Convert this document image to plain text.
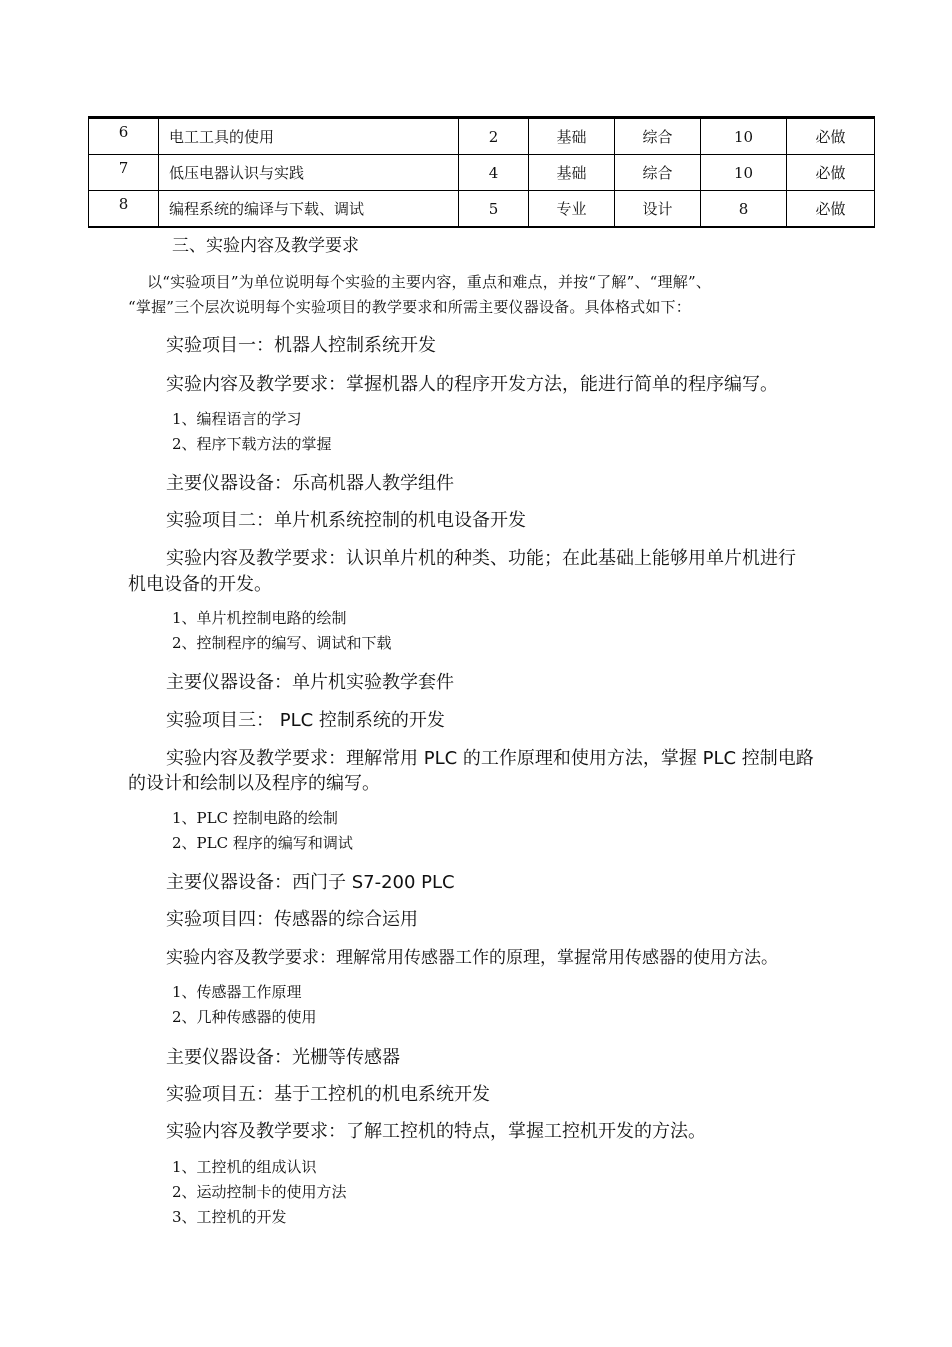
6	电工工具的使用	2	基础	综合	10	必做
7	低压电器认识与实践	4	基础	综合	10	必做
8	编程系统的编译与下载、调试	5	专业	设计	8	必做
三、实验内容及教学要求
以“实验项目”为单位说明每个实验的主要内容，重点和难点，并按“了解”、“理解”、
“掌握”三个层次说明每个实验项目的教学要求和所需主要仪器设备。具体格式如下：
实验项目一：机器人控制系统开发
实验内容及教学要求：掌握机器人的程序开发方法，能进行简单的程序编写。
1、编程语言的学习
2、程序下载方法的掌握
主要仪器设备：乐高机器人教学组件
实验项目二：单片机系统控制的机电设备开发
实验内容及教学要求：认识单片机的种类、功能；在此基础上能够用单片机进行
机电设备的开发。
1、单片机控制电路的绘制
2、控制程序的编写、调试和下载
主要仪器设备：单片机实验教学套件
实验项目三： PLC 控制系统的开发
实验内容及教学要求：理解常用 PLC 的工作原理和使用方法，掌握 PLC 控制电路
的设计和绘制以及程序的编写。
1、PLC 控制电路的绘制
2、PLC 程序的编写和调试
主要仪器设备：西门子 S7-200 PLC
实验项目四：传感器的综合运用
实验内容及教学要求：理解常用传感器工作的原理，掌握常用传感器的使用方法。
1、传感器工作原理
2、几种传感器的使用
主要仪器设备：光栅等传感器
实验项目五：基于工控机的机电系统开发
实验内容及教学要求：了解工控机的特点，掌握工控机开发的方法。
1、工控机的组成认识
2、运动控制卡的使用方法
3、工控机的开发
